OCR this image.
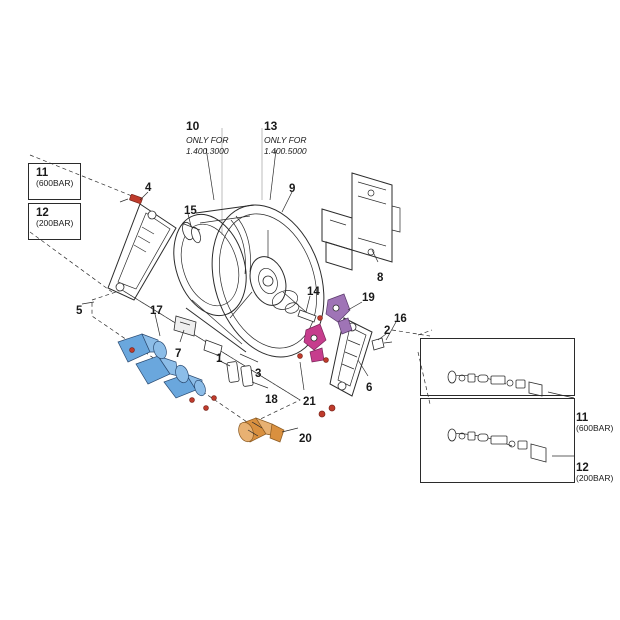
11
(600BAR)
12
(200BAR)
11
(600BAR)
12
(200BAR)
10
ONLY FOR
1.400.3000
13
ONLY FOR
1.400.5000
1
2
3
4
5
6
7
8
9
14
15
16
17
18
19
20
21
